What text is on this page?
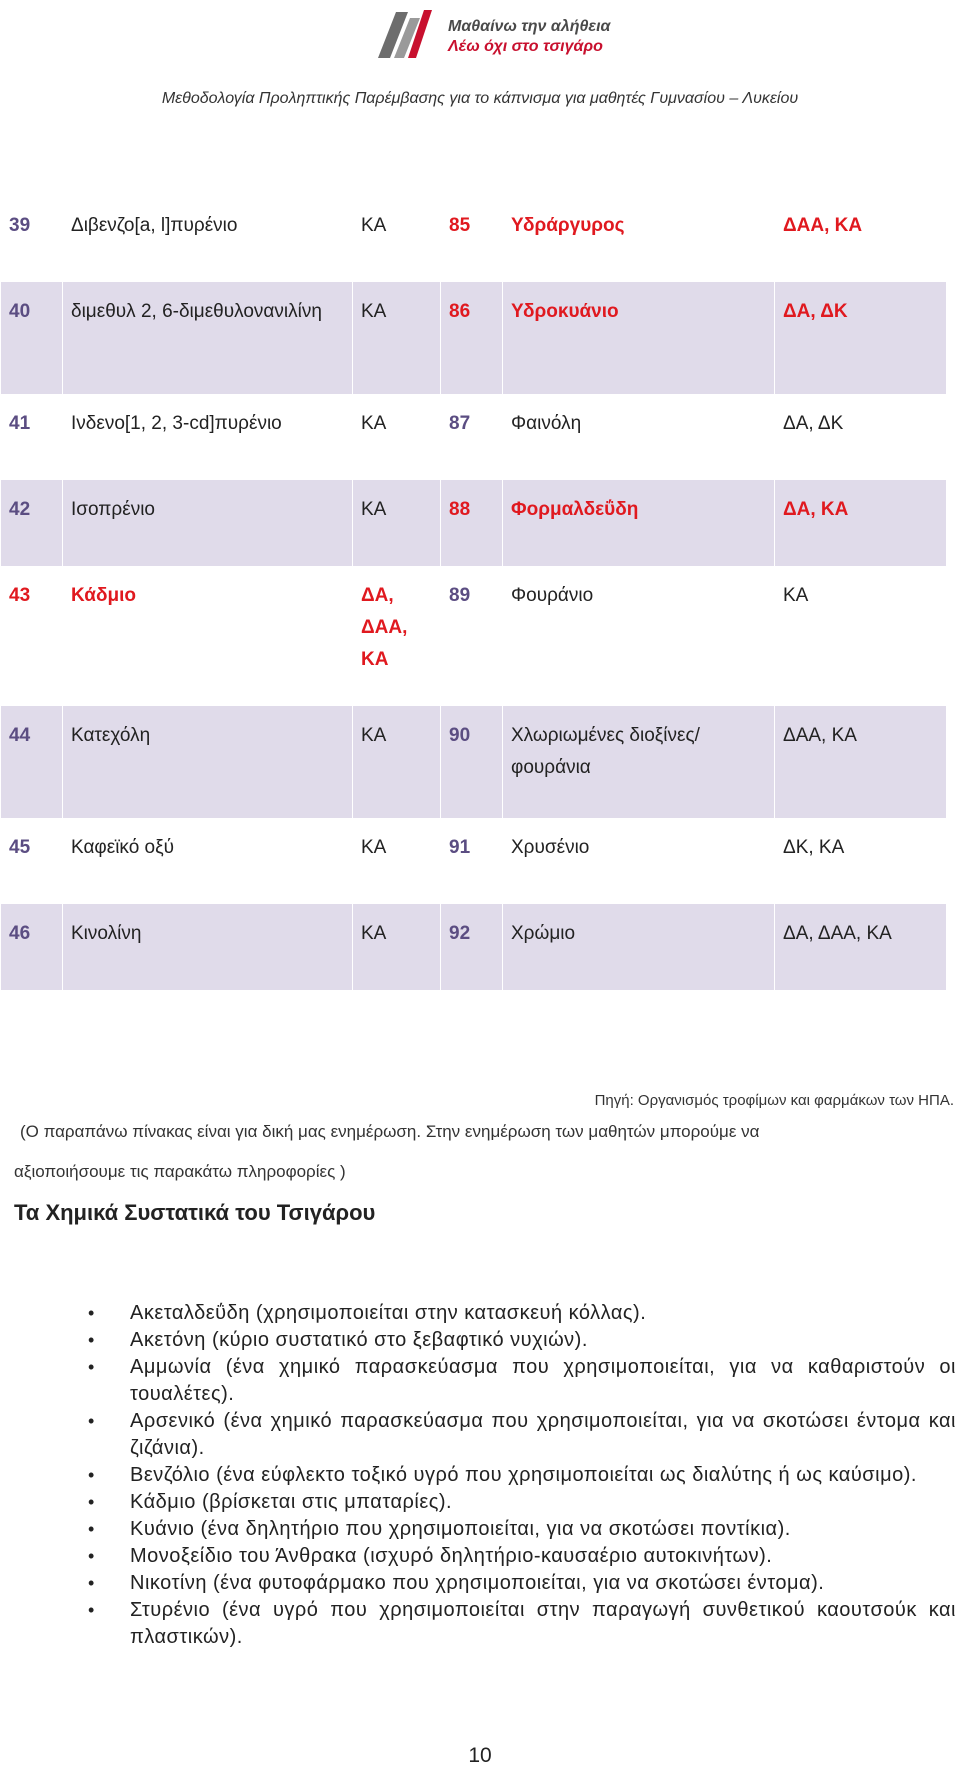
Μαθαίνω την αλήθεια
Λέω όχι στο τσιγάρο
Μεθοδολογία Προληπτικής Παρέμβασης για το κάπνισμα για μαθητές Γυμνασίου – Λυκείου
39	Διβενζο[a, l]πυρένιο	ΚΑ	85	Υδράργυρος	ΔΑΑ, ΚΑ
40	διμεθυλ 2, 6-διμεθυλονανιλίνη	ΚΑ	86	Υδροκυάνιο	ΔΑ, ΔΚ
41	Ινδενο[1, 2, 3-cd]πυρένιο	ΚΑ	87	Φαινόλη	ΔΑ, ΔΚ
42	Ισοπρένιο	ΚΑ	88	Φορμαλδεΰδη	ΔΑ, ΚΑ
43	Κάδμιο	ΔΑ, ΔΑΑ, ΚΑ	89	Φουράνιο	ΚΑ
44	Κατεχόλη	ΚΑ	90	Χλωριωμένες διοξίνες/φουράνια	ΔΑΑ, ΚΑ
45	Καφεϊκό οξύ	ΚΑ	91	Χρυσένιο	ΔΚ, ΚΑ
46	Κινολίνη	ΚΑ	92	Χρώμιο	ΔΑ, ΔΑΑ, ΚΑ
Πηγή: Οργανισμός τροφίμων και φαρμάκων των ΗΠΑ.
(Ο παραπάνω πίνακας είναι για δική μας ενημέρωση. Στην ενημέρωση των μαθητών μπορούμε να
αξιοποιήσουμε τις παρακάτω πληροφορίες )
Τα Χημικά Συστατικά του Τσιγάρου
• Ακεταλδεΰδη (χρησιμοποιείται στην κατασκευή κόλλας).
• Ακετόνη (κύριο συστατικό στο ξεβαφτικό νυχιών).
• Αμμωνία (ένα χημικό παρασκεύασμα που χρησιμοποιείται, για να καθαριστούν οι τουαλέτες).
• Αρσενικό (ένα χημικό παρασκεύασμα που χρησιμοποιείται, για να σκοτώσει έντομα και ζιζάνια).
• Βενζόλιο (ένα εύφλεκτο τοξικό υγρό που χρησιμοποιείται ως διαλύτης ή ως καύσιμο).
• Κάδμιο (βρίσκεται στις μπαταρίες).
• Κυάνιο (ένα δηλητήριο που χρησιμοποιείται, για να σκοτώσει ποντίκια).
• Μονοξείδιο του Άνθρακα (ισχυρό δηλητήριο-καυσαέριο αυτοκινήτων).
• Νικοτίνη (ένα φυτοφάρμακο που χρησιμοποιείται, για να σκοτώσει έντομα).
• Στυρένιο (ένα υγρό που χρησιμοποιείται στην παραγωγή συνθετικού καουτσούκ και πλαστικών).
10
